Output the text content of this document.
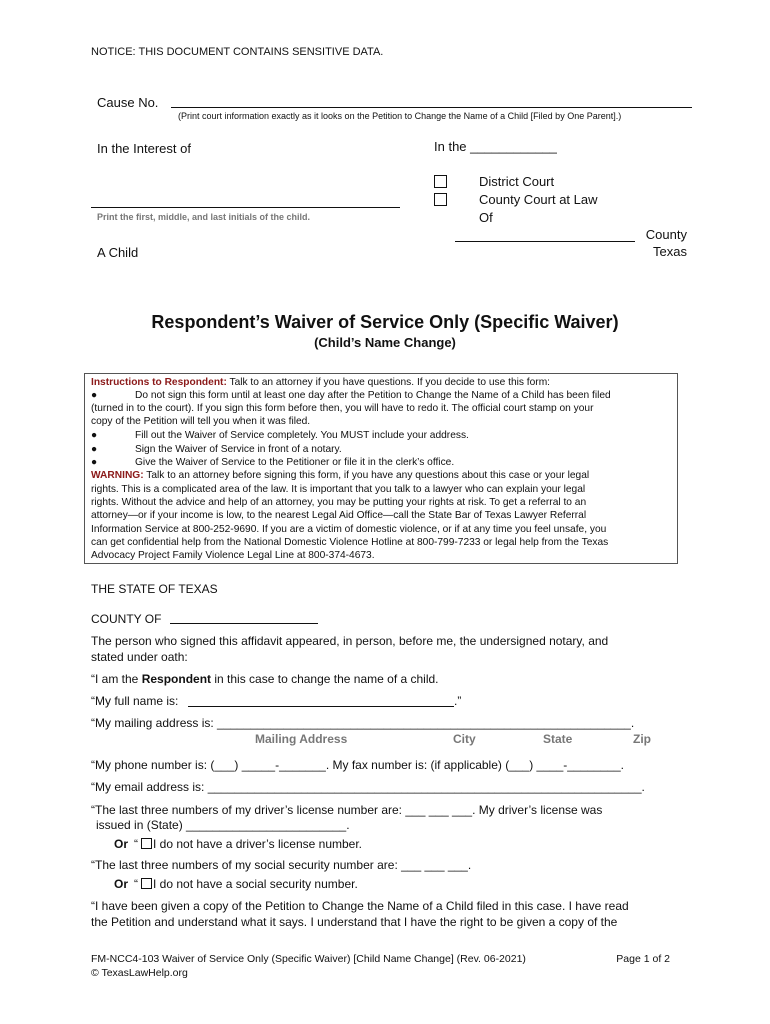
NOTICE: THIS DOCUMENT CONTAINS SENSITIVE DATA.
Cause No.
(Print court information exactly as it looks on the Petition to Change the Name of a Child [Filed by One Parent].)
In the Interest of
Print the first, middle, and last initials of the child.
A Child
In the ____________
District Court
County Court at Law
Of
County
Texas
Respondent’s Waiver of Service Only (Specific Waiver)
(Child’s Name Change)
Instructions to Respondent: Talk to an attorney if you have questions. If you decide to use this form:
●	Do not sign this form until at least one day after the Petition to Change the Name of a Child has been filed
(turned in to the court). If you sign this form before then, you will have to redo it. The official court stamp on your
copy of the Petition will tell you when it was filed.
●	Fill out the Waiver of Service completely. You MUST include your address.
●	Sign the Waiver of Service in front of a notary.
●	Give the Waiver of Service to the Petitioner or file it in the clerk’s office.
WARNING: Talk to an attorney before signing this form, if you have any questions about this case or your legal
rights. This is a complicated area of the law. It is important that you talk to a lawyer who can explain your legal
rights. Without the advice and help of an attorney, you may be putting your rights at risk. To get a referral to an
attorney—or if your income is low, to the nearest Legal Aid Office—call the State Bar of Texas Lawyer Referral
Information Service at 800-252-9690. If you are a victim of domestic violence, or if at any time you feel unsafe, you
can get confidential help from the National Domestic Violence Hotline at 800-799-7233 or legal help from the Texas
Advocacy Project Family Violence Legal Line at 800-374-4673.
THE STATE OF TEXAS
COUNTY OF
The person who signed this affidavit appeared, in person, before me, the undersigned notary, and
stated under oath:
“I am the Respondent in this case to change the name of a child.
“My full name is:	.”
“My mailing address is: ______________________________________________________________.
Mailing Address	City	State	Zip
“My phone number is: (___) _____-_______. My fax number is: (if applicable) (___) ____-________.
“My email address is: _________________________________________________________________.
“The last three numbers of my driver’s license number are: ___ ___ ___. My driver’s license was
issued in (State) ________________________.
Or “ I do not have a driver’s license number.
“The last three numbers of my social security number are: ___ ___ ___.
Or “ I do not have a social security number.
“I have been given a copy of the Petition to Change the Name of a Child filed in this case. I have read
the Petition and understand what it says. I understand that I have the right to be given a copy of the
FM-NCC4-103 Waiver of Service Only (Specific Waiver) [Child Name Change] (Rev. 06-2021)
© TexasLawHelp.org
Page 1 of 2
